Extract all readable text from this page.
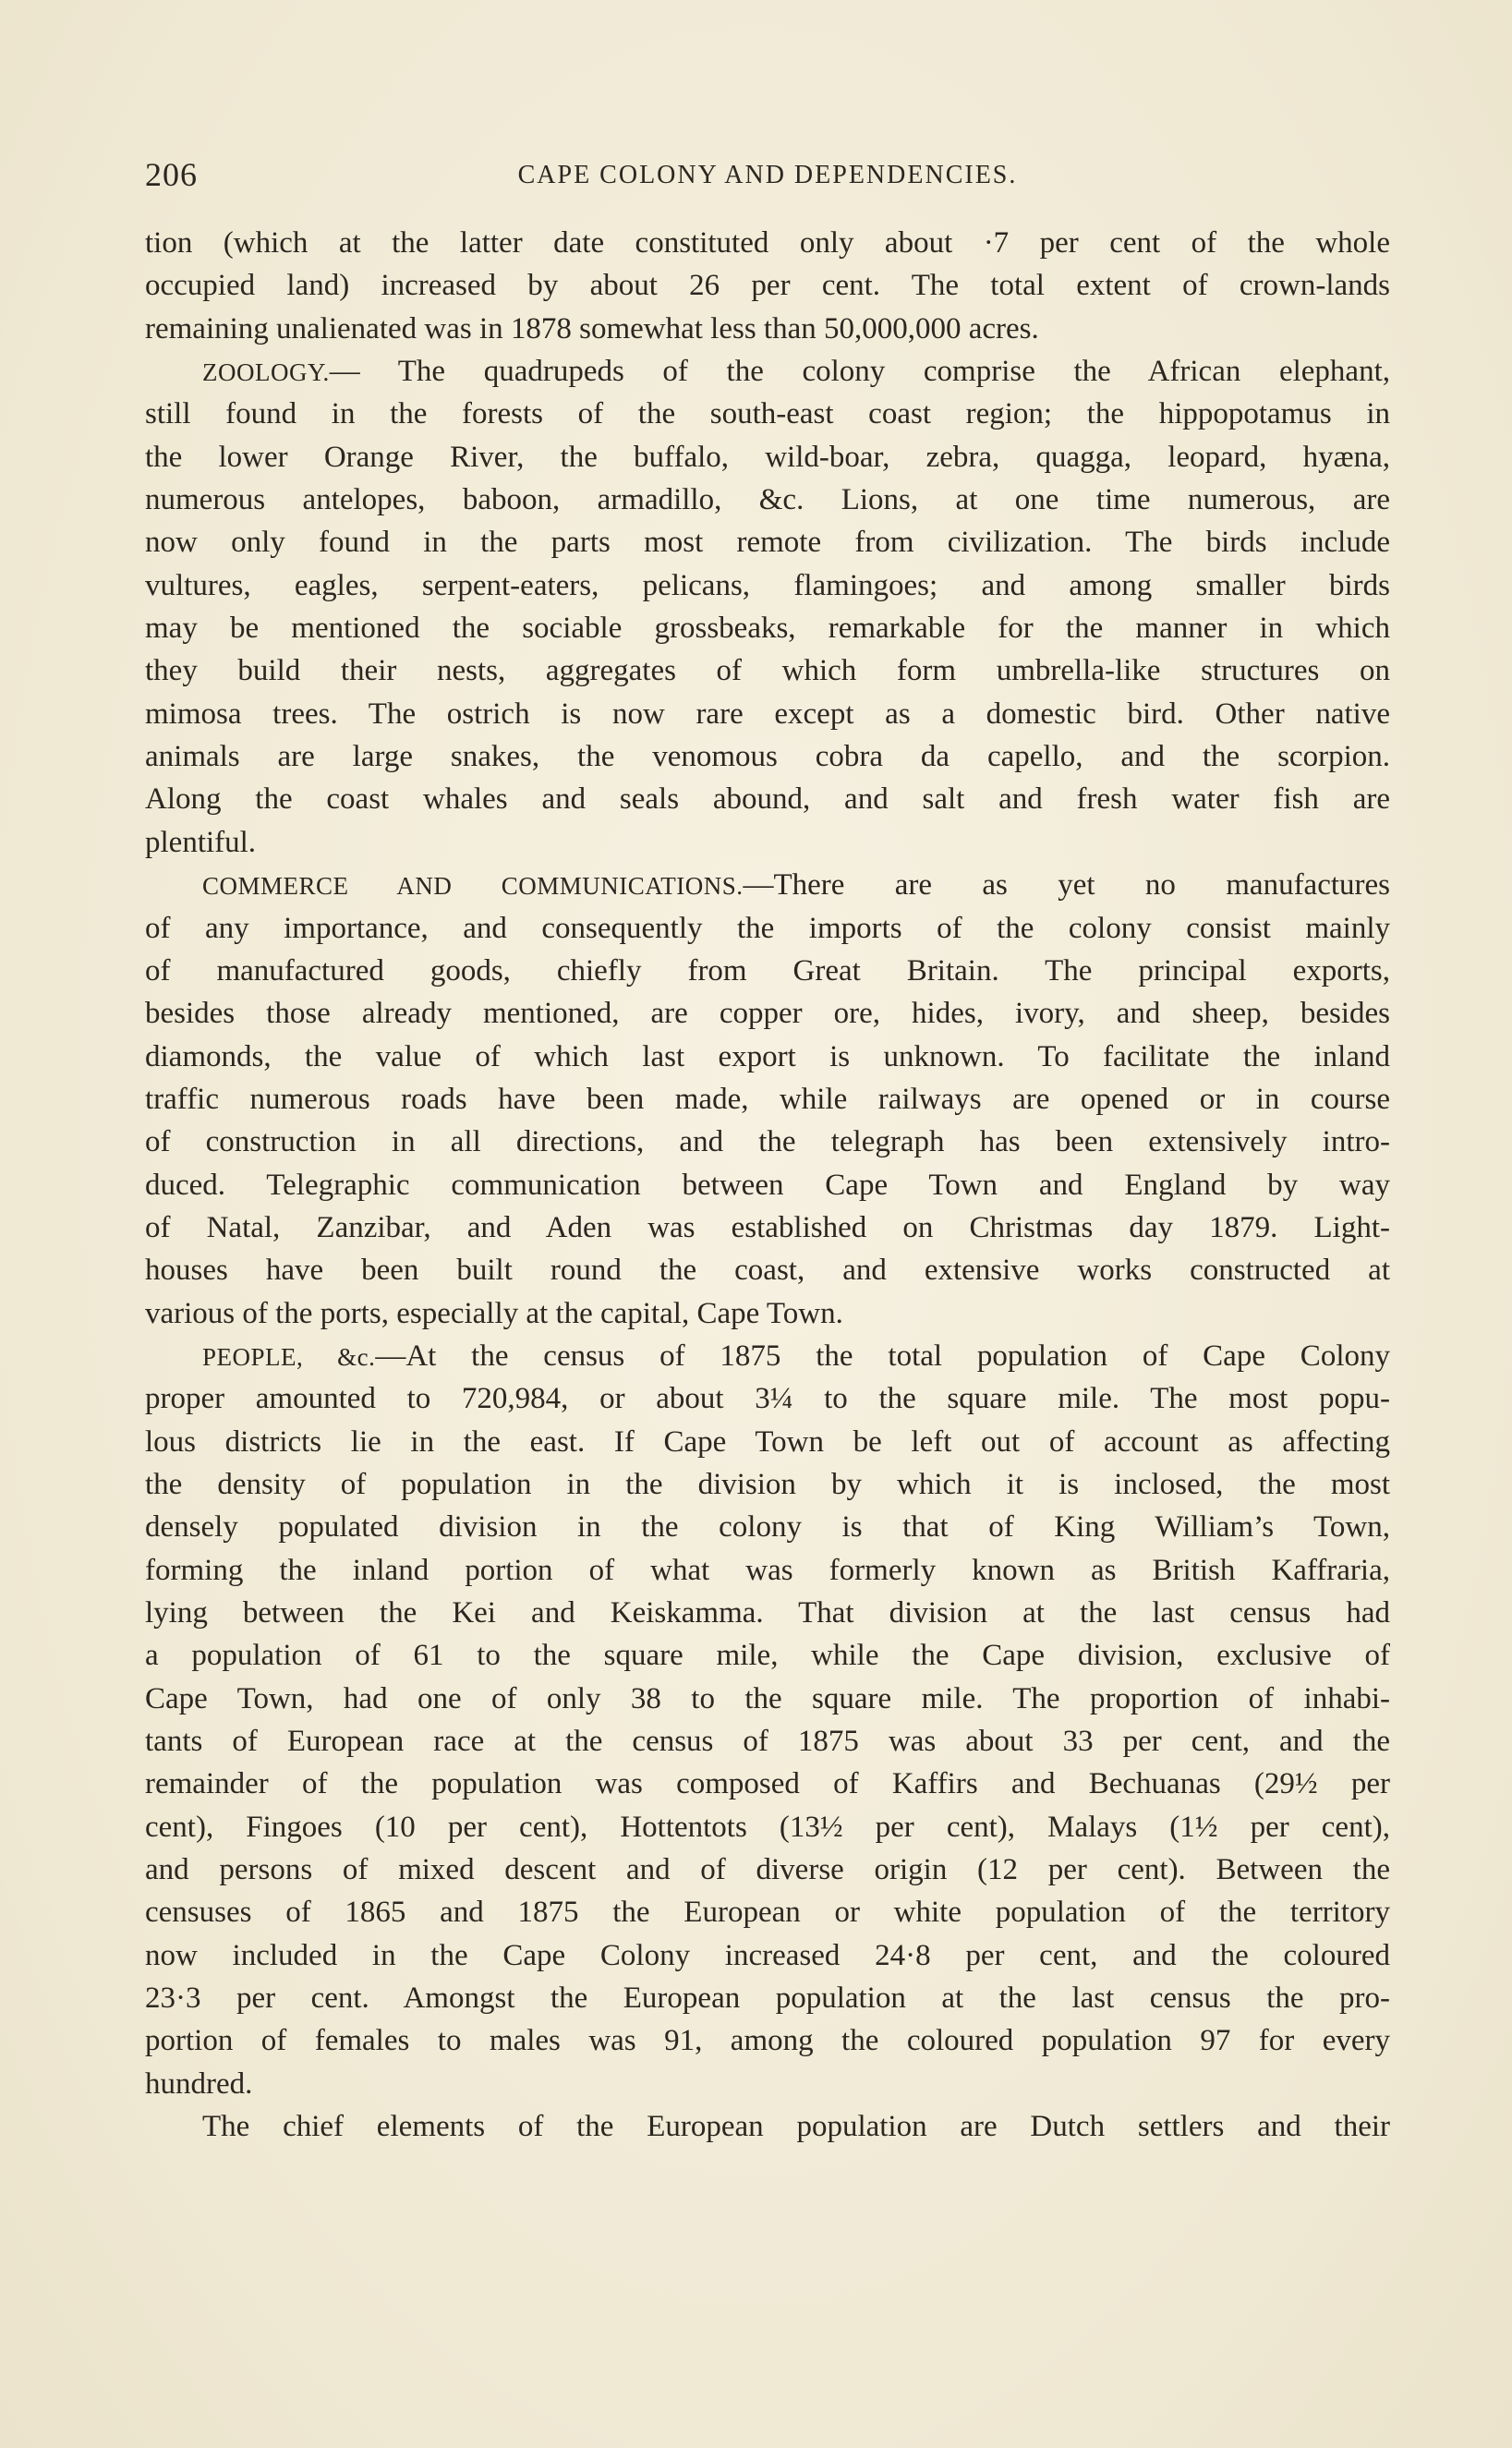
206	CAPE COLONY AND DEPENDENCIES.
tion (which at the latter date constituted only about ·7 per cent of the whole
occupied land) increased by about 26 per cent. The total extent of crown-lands
remaining unalienated was in 1878 somewhat less than 50,000,000 acres.
ZOOLOGY.— The quadrupeds of the colony comprise the African elephant,
still found in the forests of the south-east coast region; the hippopotamus in
the lower Orange River, the buffalo, wild-boar, zebra, quagga, leopard, hyæna,
numerous antelopes, baboon, armadillo, &c. Lions, at one time numerous, are
now only found in the parts most remote from civilization. The birds include
vultures, eagles, serpent-eaters, pelicans, flamingoes; and among smaller birds
may be mentioned the sociable grossbeaks, remarkable for the manner in which
they build their nests, aggregates of which form umbrella-like structures on
mimosa trees. The ostrich is now rare except as a domestic bird. Other native
animals are large snakes, the venomous cobra da capello, and the scorpion.
Along the coast whales and seals abound, and salt and fresh water fish are
plentiful.
COMMERCE AND COMMUNICATIONS.—There are as yet no manufactures
of any importance, and consequently the imports of the colony consist mainly
of manufactured goods, chiefly from Great Britain. The principal exports,
besides those already mentioned, are copper ore, hides, ivory, and sheep, besides
diamonds, the value of which last export is unknown. To facilitate the inland
traffic numerous roads have been made, while railways are opened or in course
of construction in all directions, and the telegraph has been extensively intro-
duced. Telegraphic communication between Cape Town and England by way
of Natal, Zanzibar, and Aden was established on Christmas day 1879. Light-
houses have been built round the coast, and extensive works constructed at
various of the ports, especially at the capital, Cape Town.
PEOPLE, &c.—At the census of 1875 the total population of Cape Colony
proper amounted to 720,984, or about 3¼ to the square mile. The most popu-
lous districts lie in the east. If Cape Town be left out of account as affecting
the density of population in the division by which it is inclosed, the most
densely populated division in the colony is that of King William’s Town,
forming the inland portion of what was formerly known as British Kaffraria,
lying between the Kei and Keiskamma. That division at the last census had
a population of 61 to the square mile, while the Cape division, exclusive of
Cape Town, had one of only 38 to the square mile. The proportion of inhabi-
tants of European race at the census of 1875 was about 33 per cent, and the
remainder of the population was composed of Kaffirs and Bechuanas (29½ per
cent), Fingoes (10 per cent), Hottentots (13½ per cent), Malays (1½ per cent),
and persons of mixed descent and of diverse origin (12 per cent). Between the
censuses of 1865 and 1875 the European or white population of the territory
now included in the Cape Colony increased 24·8 per cent, and the coloured
23·3 per cent. Amongst the European population at the last census the pro-
portion of females to males was 91, among the coloured population 97 for every
hundred.
The chief elements of the European population are Dutch settlers and their
